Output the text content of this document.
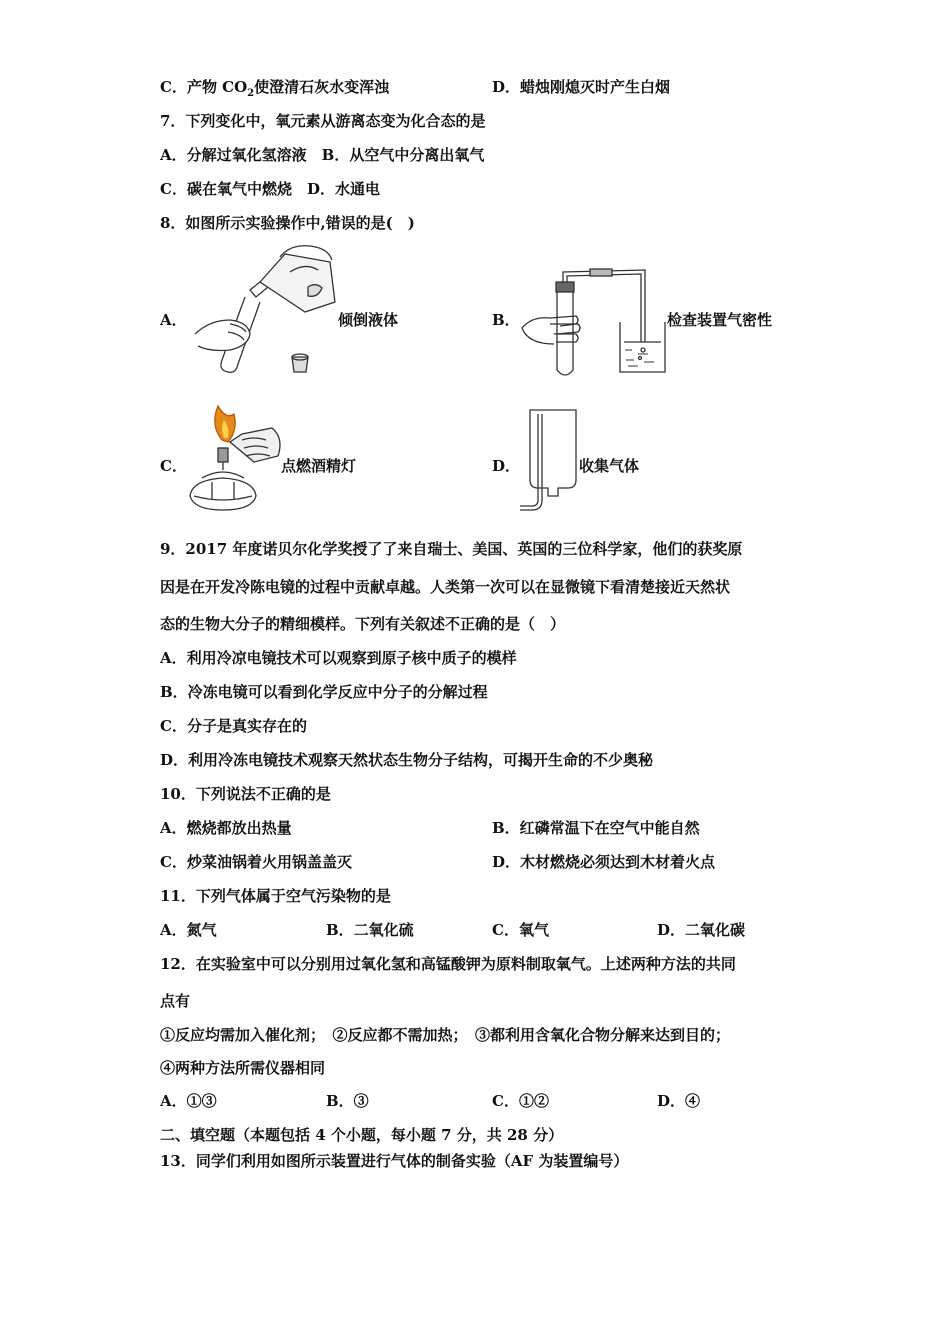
C．产物 $CO_2$使澄清石灰水变浑浊	D．蜡烛刚熄灭时产生白烟
7．下列变化中，氧元素从游离态变为化合态的是
A．分解过氧化氢溶液　B．从空气中分离出氧气
C．碳在氧气中燃烧　D．水通电
8．如图所示实验操作中,错误的是(　)
A．	倾倒液体	B．	检查装置气密性
C．	点燃酒精灯	D．	收集气体
9．2017 年度诺贝尔化学奖授了了来自瑞士、美国、英国的三位科学家，他们的获奖原
因是在开发冷陈电镜的过程中贡献卓越。人类第一次可以在显微镜下看清楚接近天然状
态的生物大分子的精细模样。下列有关叙述不正确的是（　）
A．利用冷凉电镜技术可以观察到原子核中质子的模样
B．冷冻电镜可以看到化学反应中分子的分解过程
C．分子是真实存在的
D．利用冷冻电镜技术观察天然状态生物分子结构，可揭开生命的不少奥秘
10．下列说法不正确的是
A．燃烧都放出热量	B．红磷常温下在空气中能自然
C．炒菜油锅着火用锅盖盖灭	D．木材燃烧必须达到木材着火点
11．下列气体属于空气污染物的是
A．氮气	B．二氧化硫	C．氧气	D．二氧化碳
12．在实验室中可以分别用过氧化氢和高锰酸钾为原料制取氧气。上述两种方法的共同
点有
①反应均需加入催化剂；　②反应都不需加热；　③都利用含氧化合物分解来达到目的；
④两种方法所需仪器相同
A．①③	B．③	C．①②	D．④
二、填空题（本题包括 4 个小题，每小题 7 分，共 28 分）
13．同学们利用如图所示装置进行气体的制备实验（AF 为装置编号）
